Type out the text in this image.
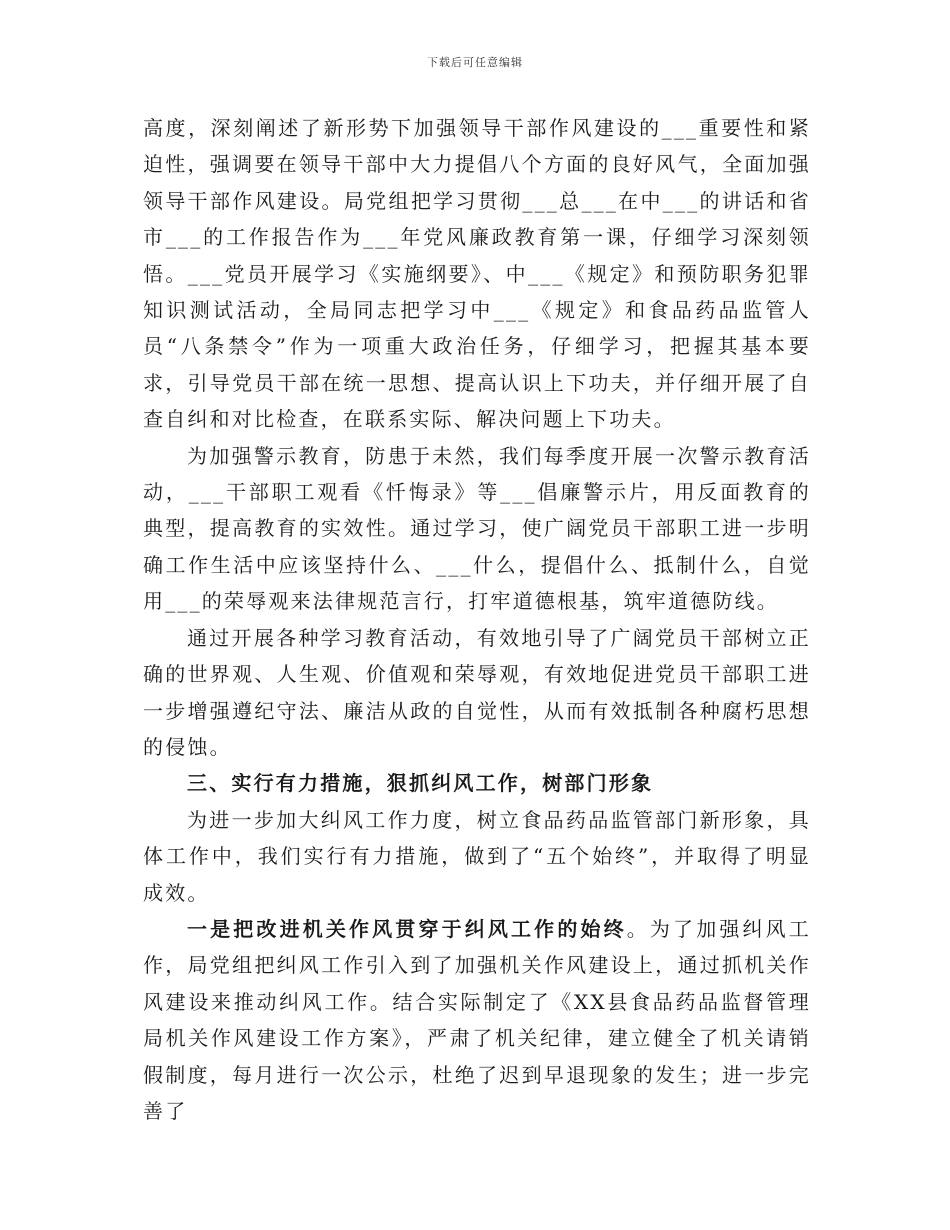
下载后可任意编辑

高度，深刻阐述了新形势下加强领导干部作风建设的___重要性和紧迫性，强调要在领导干部中大力提倡八个方面的良好风气，全面加强领导干部作风建设。局党组把学习贯彻___总___在中___的讲话和省市___的工作报告作为___年党风廉政教育第一课，仔细学习深刻领悟。___党员开展学习《实施纲要》、中___《规定》和预防职务犯罪知识测试活动，全局同志把学习中___《规定》和食品药品监管人员“八条禁令”作为一项重大政治任务，仔细学习，把握其基本要求，引导党员干部在统一思想、提高认识上下功夫，并仔细开展了自查自纠和对比检查，在联系实际、解决问题上下功夫。

为加强警示教育，防患于未然，我们每季度开展一次警示教育活动，___干部职工观看《忏悔录》等___倡廉警示片，用反面教育的典型，提高教育的实效性。通过学习，使广阔党员干部职工进一步明确工作生活中应该坚持什么、___什么，提倡什么、抵制什么，自觉用___的荣辱观来法律规范言行，打牢道德根基，筑牢道德防线。

通过开展各种学习教育活动，有效地引导了广阔党员干部树立正确的世界观、人生观、价值观和荣辱观，有效地促进党员干部职工进一步增强遵纪守法、廉洁从政的自觉性，从而有效抵制各种腐朽思想的侵蚀。

三、实行有力措施，狠抓纠风工作，树部门形象

为进一步加大纠风工作力度，树立食品药品监管部门新形象，具体工作中，我们实行有力措施，做到了“五个始终”，并取得了明显成效。

一是把改进机关作风贯穿于纠风工作的始终。为了加强纠风工作，局党组把纠风工作引入到了加强机关作风建设上，通过抓机关作风建设来推动纠风工作。结合实际制定了《XX县食品药品监督管理局机关作风建设工作方案》，严肃了机关纪律，建立健全了机关请销假制度，每月进行一次公示，杜绝了迟到早退现象的发生；进一步完善了
